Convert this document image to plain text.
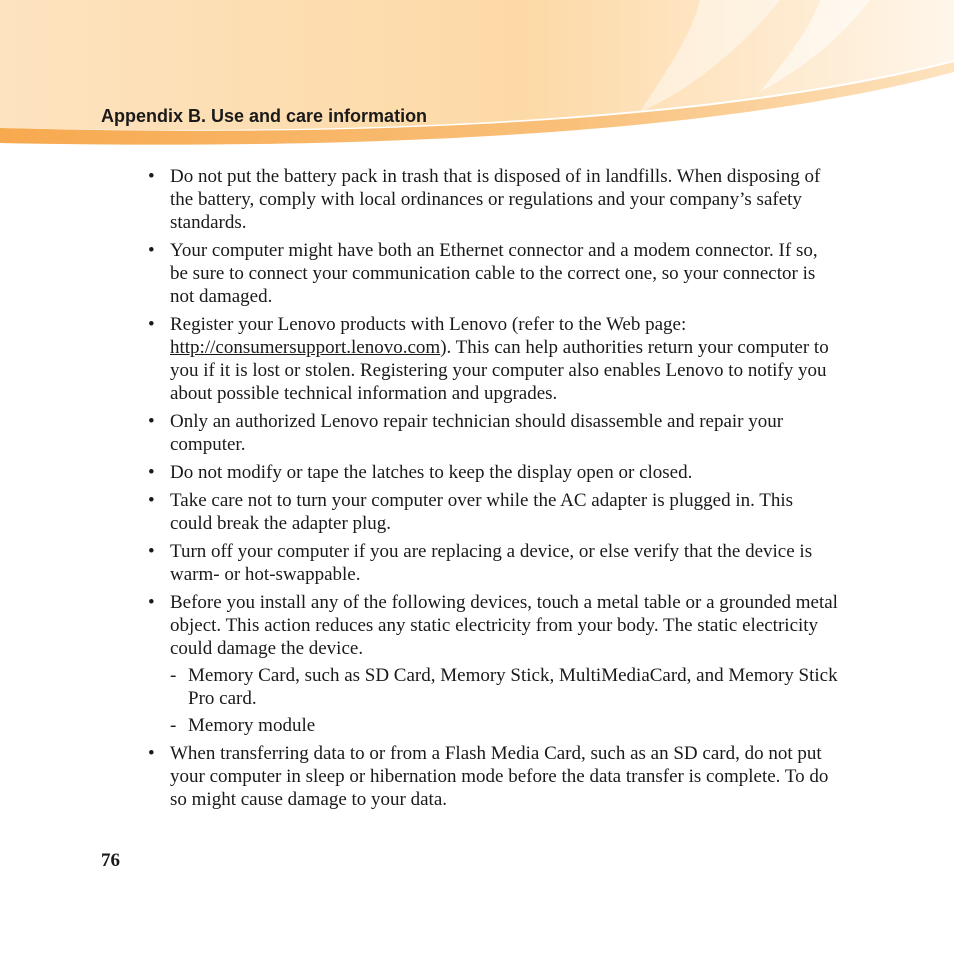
Appendix B. Use and care information
• Do not put the battery pack in trash that is disposed of in landfills. When disposing of the battery, comply with local ordinances or regulations and your company’s safety standards.
• Your computer might have both an Ethernet connector and a modem connector. If so, be sure to connect your communication cable to the correct one, so your connector is not damaged.
• Register your Lenovo products with Lenovo (refer to the Web page: http://consumersupport.lenovo.com). This can help authorities return your computer to you if it is lost or stolen. Registering your computer also enables Lenovo to notify you about possible technical information and upgrades.
• Only an authorized Lenovo repair technician should disassemble and repair your computer.
• Do not modify or tape the latches to keep the display open or closed.
• Take care not to turn your computer over while the AC adapter is plugged in. This could break the adapter plug.
• Turn off your computer if you are replacing a device, or else verify that the device is warm- or hot-swappable.
• Before you install any of the following devices, touch a metal table or a grounded metal object. This action reduces any static electricity from your body. The static electricity could damage the device.
- Memory Card, such as SD Card, Memory Stick, MultiMediaCard, and Memory Stick Pro card.
- Memory module
• When transferring data to or from a Flash Media Card, such as an SD card, do not put your computer in sleep or hibernation mode before the data transfer is complete. To do so might cause damage to your data.
76
